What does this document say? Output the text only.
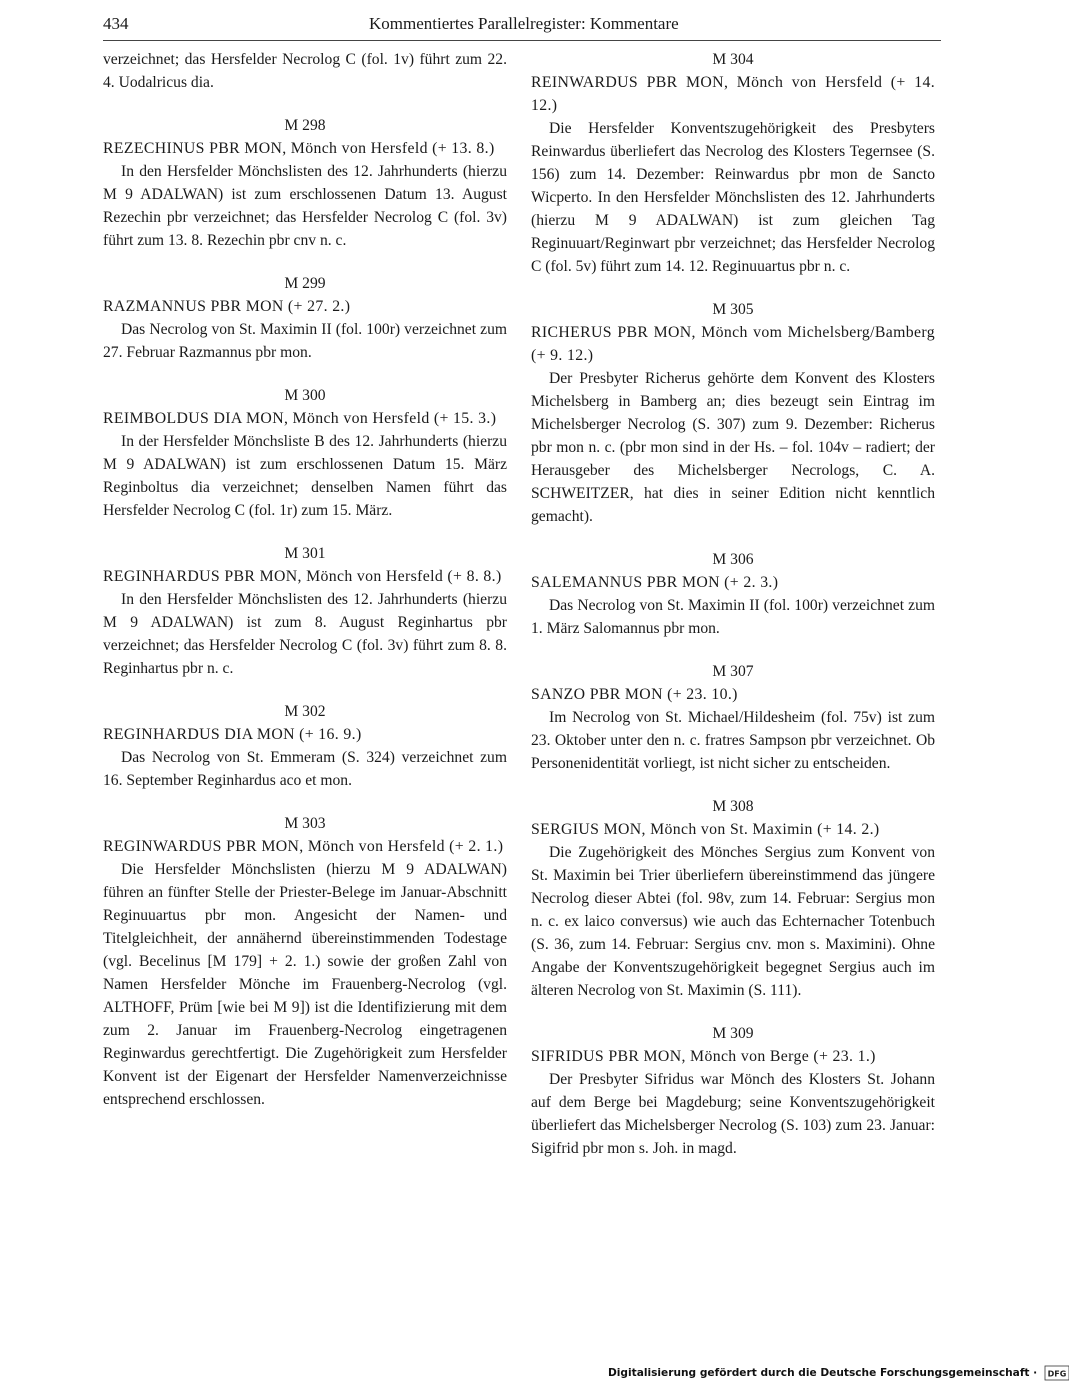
434	Kommentiertes Parallelregister: Kommentare

verzeichnet; das Hersfelder Necrolog C (fol. 1v) führt zum 22. 4. Uodalricus dia.

M 298

REZECHINUS PBR MON, Mönch von Hersfeld (+ 13. 8.)

In den Hersfelder Mönchslisten des 12. Jahrhunderts (hierzu M 9 ADALWAN) ist zum erschlossenen Datum 13. August Rezechin pbr verzeichnet; das Hersfelder Necrolog C (fol. 3v) führt zum 13. 8. Rezechin pbr cnv n. c.

M 299

RAZMANNUS PBR MON (+ 27. 2.)

Das Necrolog von St. Maximin II (fol. 100r) verzeichnet zum 27. Februar Razmannus pbr mon.

M 300

REIMBOLDUS DIA MON, Mönch von Hersfeld (+ 15. 3.)

In der Hersfelder Mönchsliste B des 12. Jahrhunderts (hierzu M 9 ADALWAN) ist zum erschlossenen Datum 15. März Reginboltus dia verzeichnet; denselben Namen führt das Hersfelder Necrolog C (fol. 1r) zum 15. März.

M 301

REGINHARDUS PBR MON, Mönch von Hersfeld (+ 8. 8.)

In den Hersfelder Mönchslisten des 12. Jahrhunderts (hierzu M 9 ADALWAN) ist zum 8. August Reginhartus pbr verzeichnet; das Hersfelder Necrolog C (fol. 3v) führt zum 8. 8. Reginhartus pbr n. c.

M 302

REGINHARDUS DIA MON (+ 16. 9.)

Das Necrolog von St. Emmeram (S. 324) verzeichnet zum 16. September Reginhardus aco et mon.

M 303

REGINWARDUS PBR MON, Mönch von Hersfeld (+ 2. 1.)

Die Hersfelder Mönchslisten (hierzu M 9 ADALWAN) führen an fünfter Stelle der Priester-Belege im Januar-Abschnitt Reginuuartus pbr mon. Angesicht der Namen- und Titelgleichheit, der annähernd übereinstimmenden Todestage (vgl. Becelinus [M 179] + 2. 1.) sowie der großen Zahl von Namen Hersfelder Mönche im Frauenberg-Necrolog (vgl. ALTHOFF, Prüm [wie bei M 9]) ist die Identifizierung mit dem zum 2. Januar im Frauenberg-Necrolog eingetragenen Reginwardus gerechtfertigt. Die Zugehörigkeit zum Hersfelder Konvent ist der Eigenart der Hersfelder Namenverzeichnisse entsprechend erschlossen.

M 304

REINWARDUS PBR MON, Mönch von Hersfeld (+ 14. 12.)

Die Hersfelder Konventszugehörigkeit des Presbyters Reinwardus überliefert das Necrolog des Klosters Tegernsee (S. 156) zum 14. Dezember: Reinwardus pbr mon de Sancto Wicperto. In den Hersfelder Mönchslisten des 12. Jahrhunderts (hierzu M 9 ADALWAN) ist zum gleichen Tag Reginuuart/Reginwart pbr verzeichnet; das Hersfelder Necrolog C (fol. 5v) führt zum 14. 12. Reginuuartus pbr n. c.

M 305

RICHERUS PBR MON, Mönch vom Michelsberg/Bamberg (+ 9. 12.)

Der Presbyter Richerus gehörte dem Konvent des Klosters Michelsberg in Bamberg an; dies bezeugt sein Eintrag im Michelsberger Necrolog (S. 307) zum 9. Dezember: Richerus pbr mon n. c. (pbr mon sind in der Hs. – fol. 104v – radiert; der Herausgeber des Michelsberger Necrologs, C. A. SCHWEITZER, hat dies in seiner Edition nicht kenntlich gemacht).

M 306

SALEMANNUS PBR MON (+ 2. 3.)

Das Necrolog von St. Maximin II (fol. 100r) verzeichnet zum 1. März Salomannus pbr mon.

M 307

SANZO PBR MON (+ 23. 10.)

Im Necrolog von St. Michael/Hildesheim (fol. 75v) ist zum 23. Oktober unter den n. c. fratres Sampson pbr verzeichnet. Ob Personenidentität vorliegt, ist nicht sicher zu entscheiden.

M 308

SERGIUS MON, Mönch von St. Maximin (+ 14. 2.)

Die Zugehörigkeit des Mönches Sergius zum Konvent von St. Maximin bei Trier überliefern übereinstimmend das jüngere Necrolog dieser Abtei (fol. 98v, zum 14. Februar: Sergius mon n. c. ex laico conversus) wie auch das Echternacher Totenbuch (S. 36, zum 14. Februar: Sergius cnv. mon s. Maximini). Ohne Angabe der Konventszugehörigkeit begegnet Sergius auch im älteren Necrolog von St. Maximin (S. 111).

M 309

SIFRIDUS PBR MON, Mönch von Berge (+ 23. 1.)

Der Presbyter Sifridus war Mönch des Klosters St. Johann auf dem Berge bei Magdeburg; seine Konventszugehörigkeit überliefert das Michelsberger Necrolog (S. 103) zum 23. Januar: Sigifrid pbr mon s. Joh. in magd.

Digitalisierung gefördert durch die Deutsche Forschungsgemeinschaft · DFG
